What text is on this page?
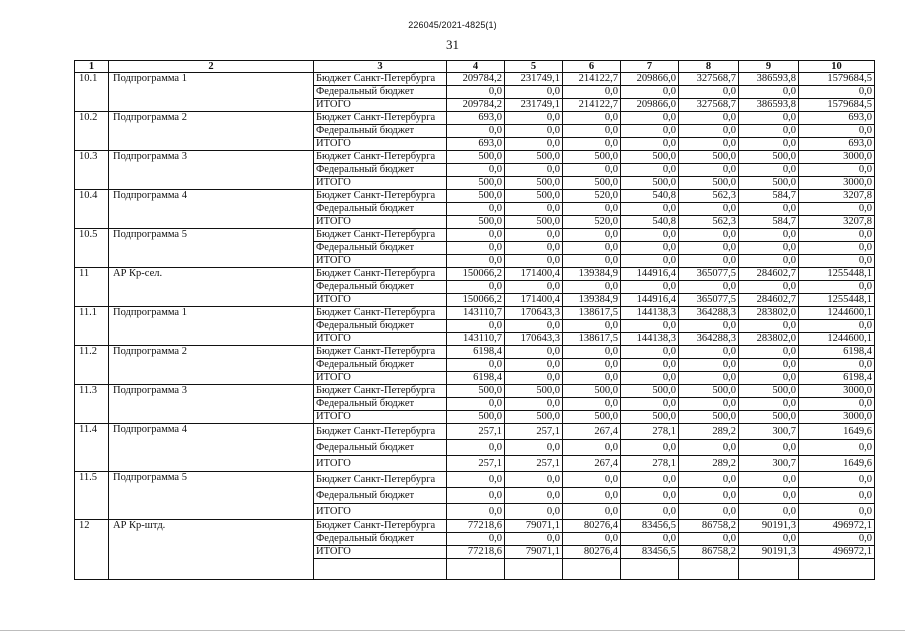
226045/2021-4825(1)
31
1	2	3	4	5	6	7	8	9	10
10.1	Подпрограмма 1	Бюджет Санкт-Петербурга	209784,2	231749,1	214122,7	209866,0	327568,7	386593,8	1579684,5
		Федеральный бюджет	0,0	0,0	0,0	0,0	0,0	0,0	0,0
		ИТОГО	209784,2	231749,1	214122,7	209866,0	327568,7	386593,8	1579684,5
10.2	Подпрограмма 2	Бюджет Санкт-Петербурга	693,0	0,0	0,0	0,0	0,0	0,0	693,0
		Федеральный бюджет	0,0	0,0	0,0	0,0	0,0	0,0	0,0
		ИТОГО	693,0	0,0	0,0	0,0	0,0	0,0	693,0
10.3	Подпрограмма 3	Бюджет Санкт-Петербурга	500,0	500,0	500,0	500,0	500,0	500,0	3000,0
		Федеральный бюджет	0,0	0,0	0,0	0,0	0,0	0,0	0,0
		ИТОГО	500,0	500,0	500,0	500,0	500,0	500,0	3000,0
10.4	Подпрограмма 4	Бюджет Санкт-Петербурга	500,0	500,0	520,0	540,8	562,3	584,7	3207,8
		Федеральный бюджет	0,0	0,0	0,0	0,0	0,0	0,0	0,0
		ИТОГО	500,0	500,0	520,0	540,8	562,3	584,7	3207,8
10.5	Подпрограмма 5	Бюджет Санкт-Петербурга	0,0	0,0	0,0	0,0	0,0	0,0	0,0
		Федеральный бюджет	0,0	0,0	0,0	0,0	0,0	0,0	0,0
		ИТОГО	0,0	0,0	0,0	0,0	0,0	0,0	0,0
11	АР Кр-сел.	Бюджет Санкт-Петербурга	150066,2	171400,4	139384,9	144916,4	365077,5	284602,7	1255448,1
		Федеральный бюджет	0,0	0,0	0,0	0,0	0,0	0,0	0,0
		ИТОГО	150066,2	171400,4	139384,9	144916,4	365077,5	284602,7	1255448,1
11.1	Подпрограмма 1	Бюджет Санкт-Петербурга	143110,7	170643,3	138617,5	144138,3	364288,3	283802,0	1244600,1
		Федеральный бюджет	0,0	0,0	0,0	0,0	0,0	0,0	0,0
		ИТОГО	143110,7	170643,3	138617,5	144138,3	364288,3	283802,0	1244600,1
11.2	Подпрограмма 2	Бюджет Санкт-Петербурга	6198,4	0,0	0,0	0,0	0,0	0,0	6198,4
		Федеральный бюджет	0,0	0,0	0,0	0,0	0,0	0,0	0,0
		ИТОГО	6198,4	0,0	0,0	0,0	0,0	0,0	6198,4
11.3	Подпрограмма 3	Бюджет Санкт-Петербурга	500,0	500,0	500,0	500,0	500,0	500,0	3000,0
		Федеральный бюджет	0,0	0,0	0,0	0,0	0,0	0,0	0,0
		ИТОГО	500,0	500,0	500,0	500,0	500,0	500,0	3000,0
11.4	Подпрограмма 4	Бюджет Санкт-Петербурга	257,1	257,1	267,4	278,1	289,2	300,7	1649,6
		Федеральный бюджет	0,0	0,0	0,0	0,0	0,0	0,0	0,0
		ИТОГО	257,1	257,1	267,4	278,1	289,2	300,7	1649,6
11.5	Подпрограмма 5	Бюджет Санкт-Петербурга	0,0	0,0	0,0	0,0	0,0	0,0	0,0
		Федеральный бюджет	0,0	0,0	0,0	0,0	0,0	0,0	0,0
		ИТОГО	0,0	0,0	0,0	0,0	0,0	0,0	0,0
12	АР Кр-штд.	Бюджет Санкт-Петербурга	77218,6	79071,1	80276,4	83456,5	86758,2	90191,3	496972,1
		Федеральный бюджет	0,0	0,0	0,0	0,0	0,0	0,0	0,0
		ИТОГО	77218,6	79071,1	80276,4	83456,5	86758,2	90191,3	496972,1
